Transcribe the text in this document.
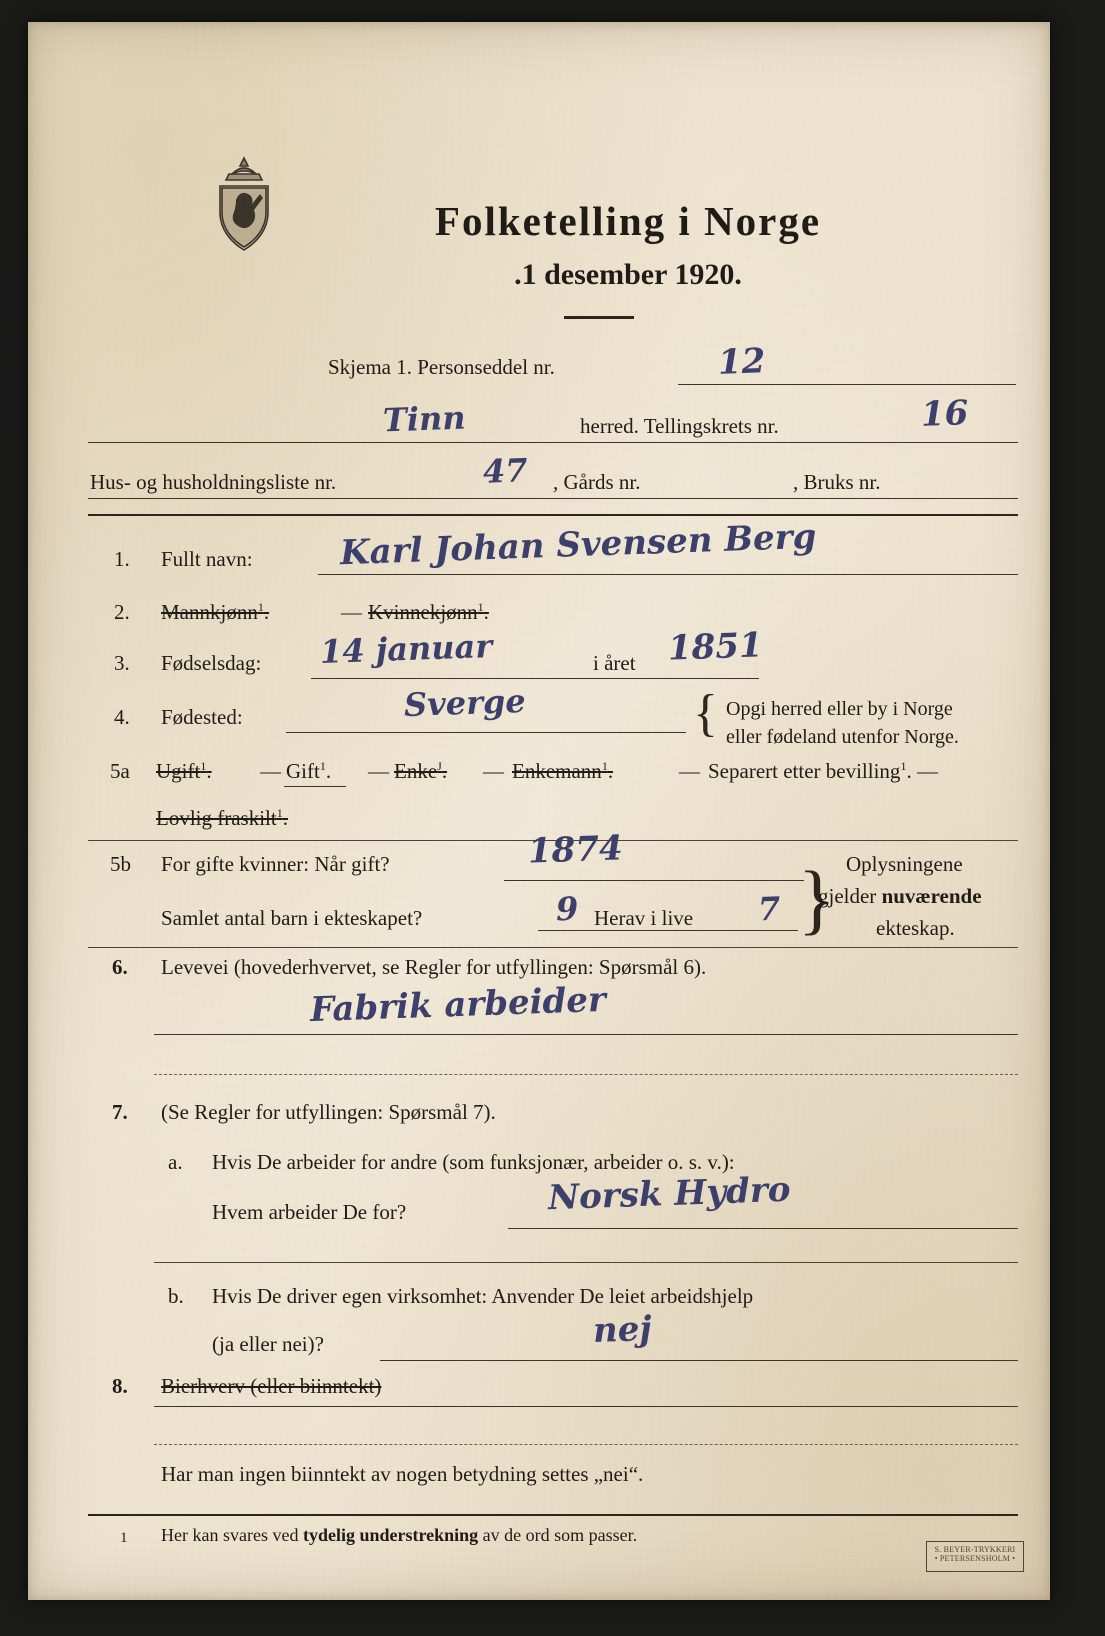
Folketelling i Norge
.1 desember 1920.
Skjema 1. Personseddel nr.	12
Tinn	herred. Tellingskrets nr.	16
Hus- og husholdningsliste nr.	47 , Gårds nr.	, Bruks nr.
1. Fullt navn:	Karl Johan Svensen Berg
2. Mannkjønn$^1$.	— Kvinnekjønn$^1$.
3. Fødselsdag: 14 januar	i året 1851
4. Fødested:	Sverge	{ Opgi herred eller by i Norge
eller fødeland utenfor Norge.
5a Ugift$^1$. — Gift$^1$. — Enke$^J$. — Enkemann$^1$.	— Separert etter bevilling$^1$. —
Lovlig fraskilt$^1$.
5b For gifte kvinner: Når gift?	1874
Samlet antal barn i ekteskapet?	9 Herav i live 7 } Oplysningene
gjelder nuværende
ekteskap.
6. Levevei (hovederhvervet, se Regler for utfyllingen: Spørsmål 6).
Fabrik arbeider
7. (Se Regler for utfyllingen: Spørsmål 7).
a. Hvis De arbeider for andre (som funksjonær, arbeider o. s. v.):
Hvem arbeider De for?	Norsk Hydro
b. Hvis De driver egen virksomhet: Anvender De leiet arbeidshjelp
(ja eller nei)?	nej
8. Bierhverv (eller biinntekt)
Har man ingen biinntekt av nogen betydning settes „nei“.
1 Her kan svares ved tydelig understrekning av de ord som passer.
S. BEYER-TRYKKERI
• PETERSENSHOLM •
